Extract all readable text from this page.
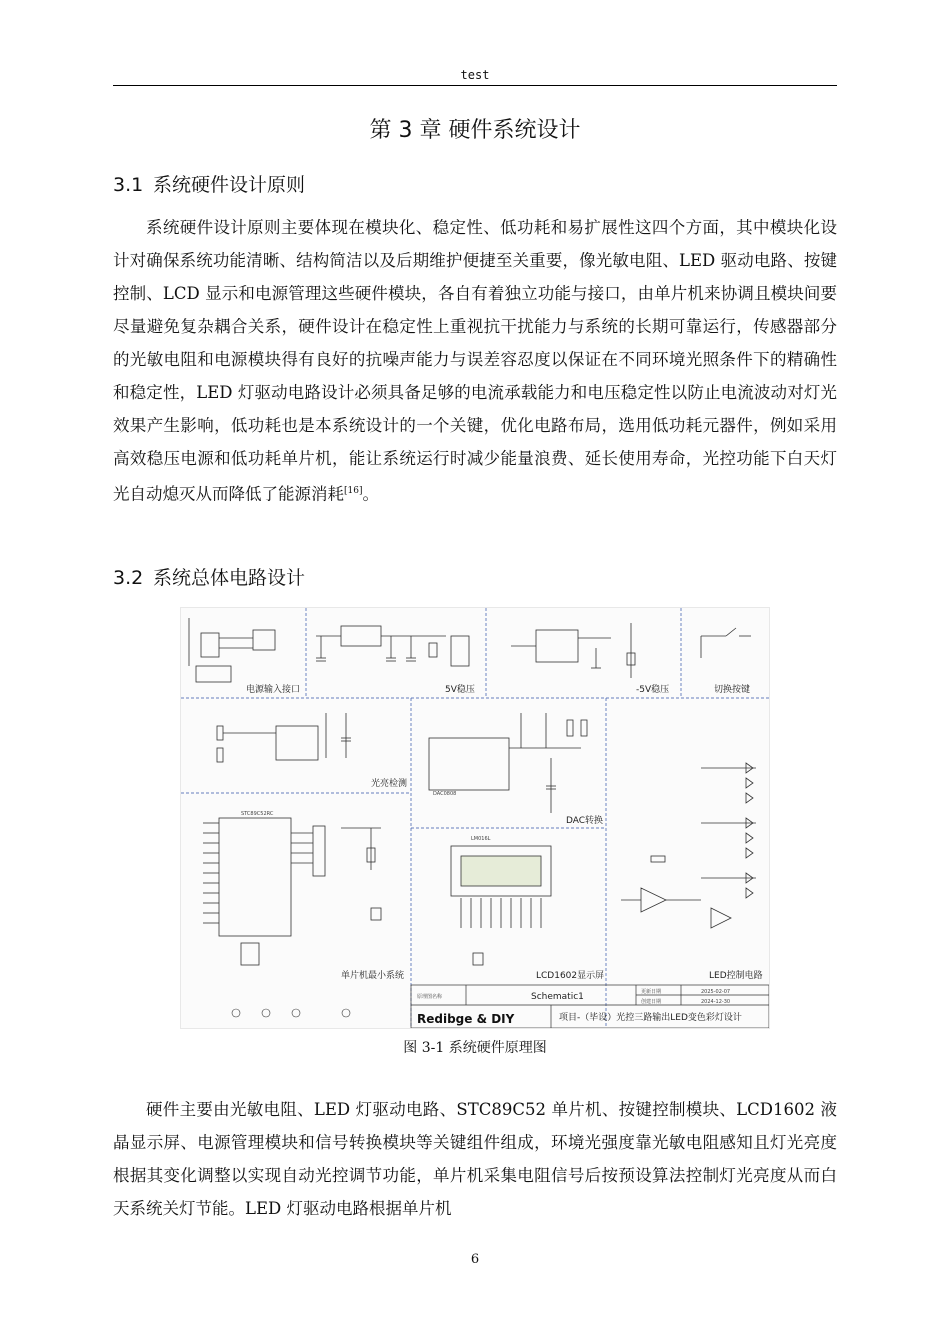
test
第 3 章 硬件系统设计
3.1 系统硬件设计原则
系统硬件设计原则主要体现在模块化、稳定性、低功耗和易扩展性这四个方面，其中模块化设计对确保系统功能清晰、结构简洁以及后期维护便捷至关重要，像光敏电阻、LED 驱动电路、按键控制、LCD 显示和电源管理这些硬件模块，各自有着独立功能与接口，由单片机来协调且模块间要尽量避免复杂耦合关系，硬件设计在稳定性上重视抗干扰能力与系统的长期可靠运行，传感器部分的光敏电阻和电源模块得有良好的抗噪声能力与误差容忍度以保证在不同环境光照条件下的精确性和稳定性，LED 灯驱动电路设计必须具备足够的电流承载能力和电压稳定性以防止电流波动对灯光效果产生影响，低功耗也是本系统设计的一个关键，优化电路布局，选用低功耗元器件，例如采用高效稳压电源和低功耗单片机，能让系统运行时减少能量浪费、延长使用寿命，光控功能下白天灯光自动熄灭从而降低了能源消耗[16]。
3.2 系统总体电路设计
电源输入接口	5V稳压	-5V稳压	切换按键
光亮检测
DAC0808
DAC转换
STC89C52RC
单片机最小系统
LM016L
LCD1602显示屏	LED控制电路
原理图名称	Schematic1	更新日期	2025-02-07
创建日期	2024-12-30
Redibge & DIY	项目-（毕设）光控三路输出LED变色彩灯设计
图 3-1 系统硬件原理图
硬件主要由光敏电阻、LED 灯驱动电路、STC89C52 单片机、按键控制模块、LCD1602 液晶显示屏、电源管理模块和信号转换模块等关键组件组成，环境光强度靠光敏电阻感知且灯光亮度根据其变化调整以实现自动光控调节功能，单片机采集电阻信号后按预设算法控制灯光亮度从而白天系统关灯节能。LED 灯驱动电路根据单片机
6
